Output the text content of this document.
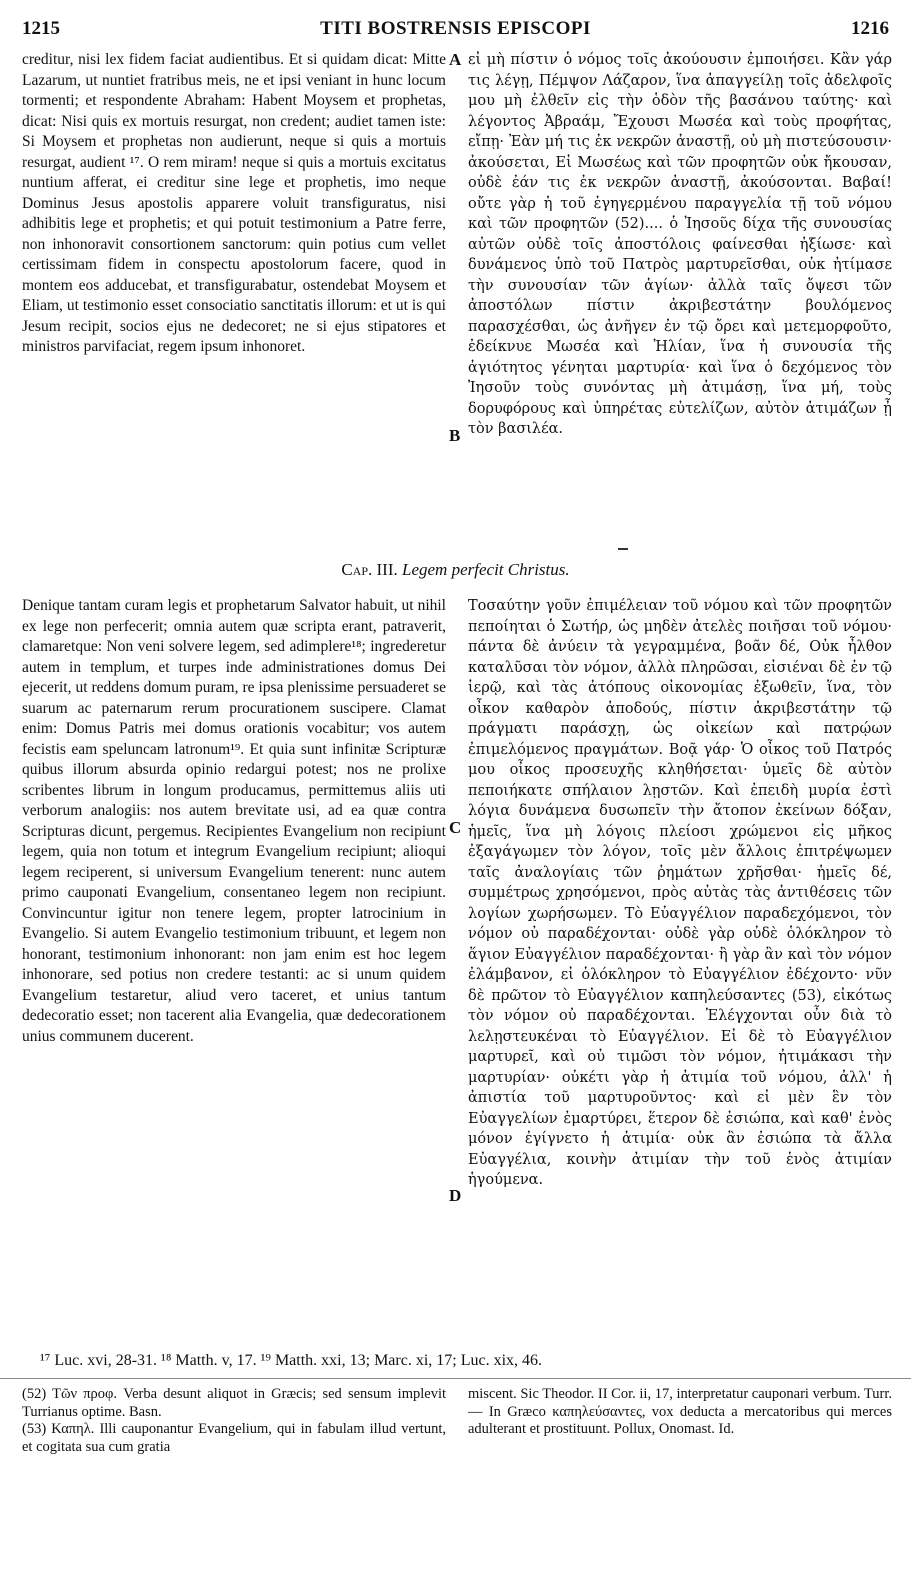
1215	TITI BOSTRENSIS EPISCOPI	1216

creditur, nisi lex fidem faciat audientibus. Et si quidam dicat: Mitte Lazarum, ut nuntiet fratribus meis, ne et ipsi veniant in hunc locum tormenti; et respondente Abraham: Habent Moysem et prophetas, dicat: Nisi quis ex mortuis resurgat, non credent; audiet tamen iste: Si Moysem et prophetas non audierunt, neque si quis a mortuis resurgat, audient ¹⁷. O rem miram! neque si quis a mortuis excitatus nuntium afferat, ei creditur sine lege et prophetis, imo neque Dominus Jesus apostolis apparere voluit transfiguratus, nisi adhibitis lege et prophetis; et qui potuit testimonium a Patre ferre, non inhonoravit consortionem sanctorum: quin potius cum vellet certissimam fidem in conspectu apostolorum facere, quod in montem eos adducebat, et transfigurabatur, ostendebat Moysem et Eliam, ut testimonio esset consociatio sanctitatis illorum: et ut is qui Jesum recipit, socios ejus ne dedecoret; ne si ejus stipatores et ministros parvifaciat, regem ipsum inhonoret.

εἰ μὴ πίστιν ὁ νόμος τοῖς ἀκούουσιν ἐμποιήσει. Κἂν γάρ τις λέγῃ, Πέμψον Λάζαρον, ἵνα ἀπαγγείλῃ τοῖς ἀδελφοῖς μου μὴ ἐλθεῖν εἰς τὴν ὁδὸν τῆς βασάνου ταύτης· καὶ λέγοντος Ἀβραάμ, Ἔχουσι Μωσέα καὶ τοὺς προφήτας, εἴπῃ· Ἐὰν μή τις ἐκ νεκρῶν ἀναστῇ, οὐ μὴ πιστεύσουσιν· ἀκούσεται, Εἰ Μωσέως καὶ τῶν προφητῶν οὐκ ἤκουσαν, οὐδὲ ἐάν τις ἐκ νεκρῶν ἀναστῇ, ἀκούσονται. Βαβαί! οὔτε γὰρ ἡ τοῦ ἐγηγερμένου παραγγελία τῇ τοῦ νόμου καὶ τῶν προφητῶν (52).... ὁ Ἰησοῦς δίχα τῆς συνουσίας αὐτῶν οὐδὲ τοῖς ἀποστόλοις φαίνεσθαι ἠξίωσε· καὶ δυνάμενος ὑπὸ τοῦ Πατρὸς μαρτυρεῖσθαι, οὐκ ἠτίμασε τὴν συνουσίαν τῶν ἁγίων· ἀλλὰ ταῖς ὄψεσι τῶν ἀποστόλων πίστιν ἀκριβεστάτην βουλόμενος παρασχέσθαι, ὡς ἀνῆγεν ἐν τῷ ὄρει καὶ μετεμορφοῦτο, ἐδείκνυε Μωσέα καὶ Ἠλίαν, ἵνα ἡ συνουσία τῆς ἁγιότητος γένηται μαρτυρία· καὶ ἵνα ὁ δεχόμενος τὸν Ἰησοῦν τοὺς συνόντας μὴ ἀτιμάσῃ, ἵνα μή, τοὺς δορυφόρους καὶ ὑπηρέτας εὐτελίζων, αὐτὸν ἀτιμάζων ᾖ τὸν βασιλέα.

A
B
Cap. III. Legem perfecit Christus.

Denique tantam curam legis et prophetarum Salvator habuit, ut nihil ex lege non perfecerit; omnia autem quæ scripta erant, patraverit, clamaretque: Non veni solvere legem, sed adimplere¹⁸; ingrederetur autem in templum, et turpes inde administrationes domus Dei ejecerit, ut reddens domum puram, re ipsa plenissime persuaderet se suarum ac paternarum rerum procurationem suscipere. Clamat enim: Domus Patris mei domus orationis vocabitur; vos autem fecistis eam speluncam latronum¹⁹. Et quia sunt infinitæ Scripturæ quibus illorum absurda opinio redargui potest; nos ne prolixe scribentes librum in longum producamus, permittemus aliis uti verborum analogiis: nos autem brevitate usi, ad ea quæ contra Scripturas dicunt, pergemus. Recipientes Evangelium non recipiunt legem, quia non totum et integrum Evangelium recipiunt; alioqui legem reciperent, si universum Evangelium tenerent: nunc autem primo cauponati Evangelium, consentaneo legem non recipiunt. Convincuntur igitur non tenere legem, propter latrocinium in Evangelio. Si autem Evangelio testimonium tribuunt, et legem non honorant, testimonium inhonorant: non jam enim est hoc legem inhonorare, sed potius non credere testanti: ac si unum quidem Evangelium testaretur, aliud vero taceret, et unius tantum dedecoratio esset; non tacerent alia Evangelia, quæ dedecorationem unius communem ducerent.

Τοσαύτην γοῦν ἐπιμέλειαν τοῦ νόμου καὶ τῶν προφητῶν πεποίηται ὁ Σωτήρ, ὡς μηδὲν ἀτελὲς ποιῆσαι τοῦ νόμου· πάντα δὲ ἀνύειν τὰ γεγραμμένα, βοᾶν δέ, Οὐκ ἦλθον καταλῦσαι τὸν νόμον, ἀλλὰ πληρῶσαι, εἰσιέναι δὲ ἐν τῷ ἱερῷ, καὶ τὰς ἀτόπους οἰκονομίας ἐξωθεῖν, ἵνα, τὸν οἶκον καθαρὸν ἀποδούς, πίστιν ἀκριβεστάτην τῷ πράγματι παράσχῃ, ὡς οἰκείων καὶ πατρῴων ἐπιμελόμενος πραγμάτων. Βοᾷ γάρ· Ὁ οἶκος τοῦ Πατρός μου οἶκος προσευχῆς κληθήσεται· ὑμεῖς δὲ αὐτὸν πεποιήκατε σπήλαιον λῃστῶν. Καὶ ἐπειδὴ μυρία ἐστὶ λόγια δυνάμενα δυσωπεῖν τὴν ἄτοπον ἐκείνων δόξαν, ἡμεῖς, ἵνα μὴ λόγοις πλείοσι χρώμενοι εἰς μῆκος ἐξαγάγωμεν τὸν λόγον, τοῖς μὲν ἄλλοις ἐπιτρέψωμεν ταῖς ἀναλογίαις τῶν ῥημάτων χρῆσθαι· ἡμεῖς δέ, συμμέτρως χρησόμενοι, πρὸς αὐτὰς τὰς ἀντιθέσεις τῶν λογίων χωρήσωμεν. Τὸ Εὐαγγέλιον παραδεχόμενοι, τὸν νόμον οὐ παραδέχονται· οὐδὲ γὰρ οὐδὲ ὁλόκληρον τὸ ἅγιον Εὐαγγέλιον παραδέχονται· ἢ γὰρ ἂν καὶ τὸν νόμον ἐλάμβανον, εἰ ὁλόκληρον τὸ Εὐαγγέλιον ἐδέχοντο· νῦν δὲ πρῶτον τὸ Εὐαγγέλιον καπηλεύσαντες (53), εἰκότως τὸν νόμον οὐ παραδέχονται. Ἐλέγχονται οὖν διὰ τὸ λελῃστευκέναι τὸ Εὐαγγέλιον. Εἰ δὲ τὸ Εὐαγγέλιον μαρτυρεῖ, καὶ οὐ τιμῶσι τὸν νόμον, ἠτιμάκασι τὴν μαρτυρίαν· οὐκέτι γὰρ ἡ ἀτιμία τοῦ νόμου, ἀλλ' ἡ ἀπιστία τοῦ μαρτυροῦντος· καὶ εἰ μὲν ἓν τὸν Εὐαγγελίων ἐμαρτύρει, ἕτερον δὲ ἐσιώπα, καὶ καθ' ἑνὸς μόνον ἐγίγνετο ἡ ἀτιμία· οὐκ ἂν ἐσιώπα τὰ ἄλλα Εὐαγγέλια, κοινὴν ἀτιμίαν τὴν τοῦ ἑνὸς ἀτιμίαν ἡγούμενα.

C
D
¹⁷ Luc. xvi, 28-31. ¹⁸ Matth. v, 17. ¹⁹ Matth. xxi, 13; Marc. xi, 17; Luc. xix, 46.

(52) Τῶν προφ. Verba desunt aliquot in Græcis; sed sensum implevit Turrianus optime. Basn.

(53) Καπηλ. Illi cauponantur Evangelium, qui in fabulam illud vertunt, et cogitata sua cum gratia

miscent. Sic Theodor. II Cor. ii, 17, interpretatur cauponari verbum. Turr. — In Græco καπηλεύσαντες, vox deducta a mercatoribus qui merces adulterant et prostituunt. Pollux, Onomast. Id.
